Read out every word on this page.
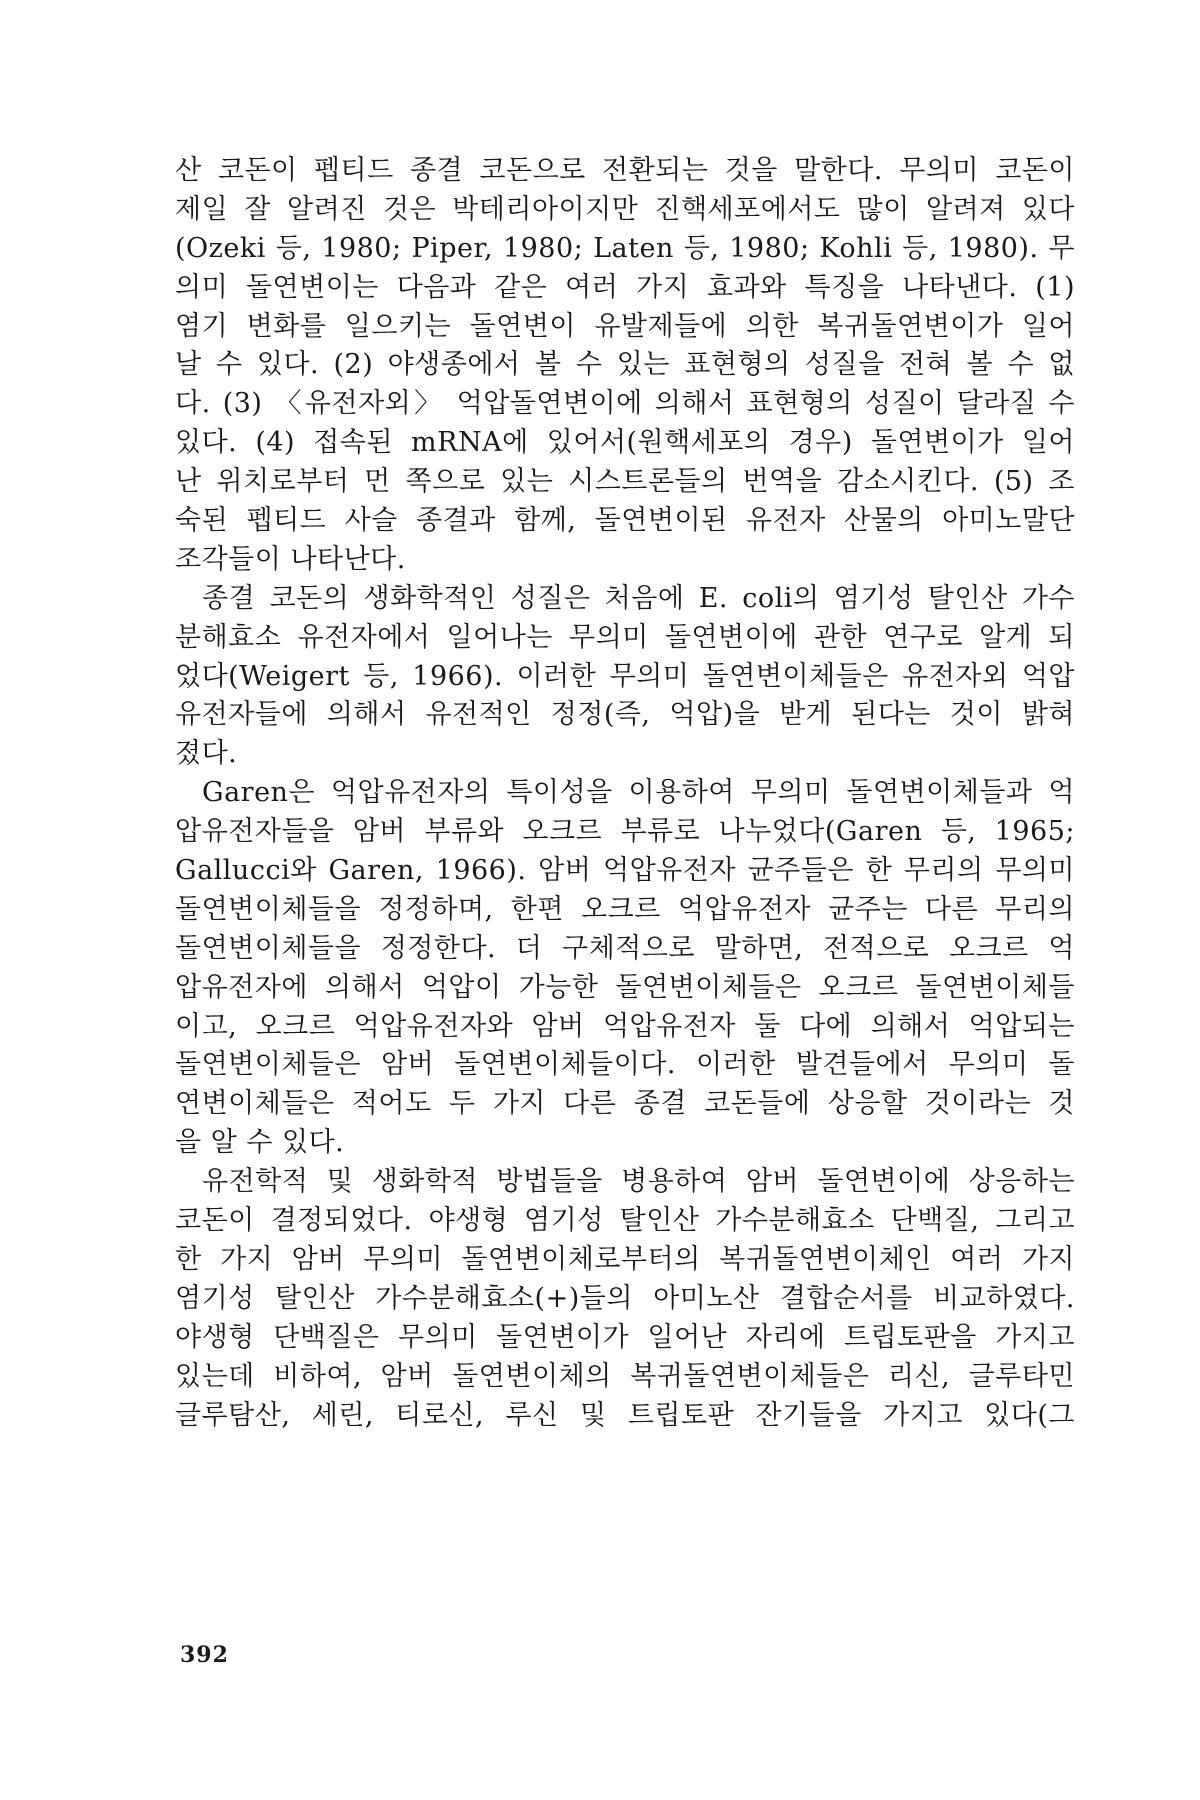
산 코돈이 펩티드 종결 코돈으로 전환되는 것을 말한다. 무의미 코돈이
제일 잘 알려진 것은 박테리아이지만 진핵세포에서도 많이 알려져 있다
(Ozeki 등, 1980; Piper, 1980; Laten 등, 1980; Kohli 등, 1980). 무
의미 돌연변이는 다음과 같은 여러 가지 효과와 특징을 나타낸다. (1)
염기 변화를 일으키는 돌연변이 유발제들에 의한 복귀돌연변이가 일어
날 수 있다. (2) 야생종에서 볼 수 있는 표현형의 성질을 전혀 볼 수 없
다. (3) 〈유전자외〉 억압돌연변이에 의해서 표현형의 성질이 달라질 수
있다. (4) 접속된 mRNA에 있어서(원핵세포의 경우) 돌연변이가 일어
난 위치로부터 먼 쪽으로 있는 시스트론들의 번역을 감소시킨다. (5) 조
숙된 펩티드 사슬 종결과 함께, 돌연변이된 유전자 산물의 아미노말단
조각들이 나타난다.
종결 코돈의 생화학적인 성질은 처음에 E. coli의 염기성 탈인산 가수
분해효소 유전자에서 일어나는 무의미 돌연변이에 관한 연구로 알게 되
었다(Weigert 등, 1966). 이러한 무의미 돌연변이체들은 유전자외 억압
유전자들에 의해서 유전적인 정정(즉, 억압)을 받게 된다는 것이 밝혀
졌다.
Garen은 억압유전자의 특이성을 이용하여 무의미 돌연변이체들과 억
압유전자들을 암버 부류와 오크르 부류로 나누었다(Garen 등, 1965;
Gallucci와 Garen, 1966). 암버 억압유전자 균주들은 한 무리의 무의미
돌연변이체들을 정정하며, 한편 오크르 억압유전자 균주는 다른 무리의
돌연변이체들을 정정한다. 더 구체적으로 말하면, 전적으로 오크르 억
압유전자에 의해서 억압이 가능한 돌연변이체들은 오크르 돌연변이체들
이고, 오크르 억압유전자와 암버 억압유전자 둘 다에 의해서 억압되는
돌연변이체들은 암버 돌연변이체들이다. 이러한 발견들에서 무의미 돌
연변이체들은 적어도 두 가지 다른 종결 코돈들에 상응할 것이라는 것
을 알 수 있다.
유전학적 및 생화학적 방법들을 병용하여 암버 돌연변이에 상응하는
코돈이 결정되었다. 야생형 염기성 탈인산 가수분해효소 단백질, 그리고
한 가지 암버 무의미 돌연변이체로부터의 복귀돌연변이체인 여러 가지
염기성 탈인산 가수분해효소(+)들의 아미노산 결합순서를 비교하였다.
야생형 단백질은 무의미 돌연변이가 일어난 자리에 트립토판을 가지고
있는데 비하여, 암버 돌연변이체의 복귀돌연변이체들은 리신, 글루타민
글루탐산, 세린, 티로신, 루신 및 트립토판 잔기들을 가지고 있다(그
392
